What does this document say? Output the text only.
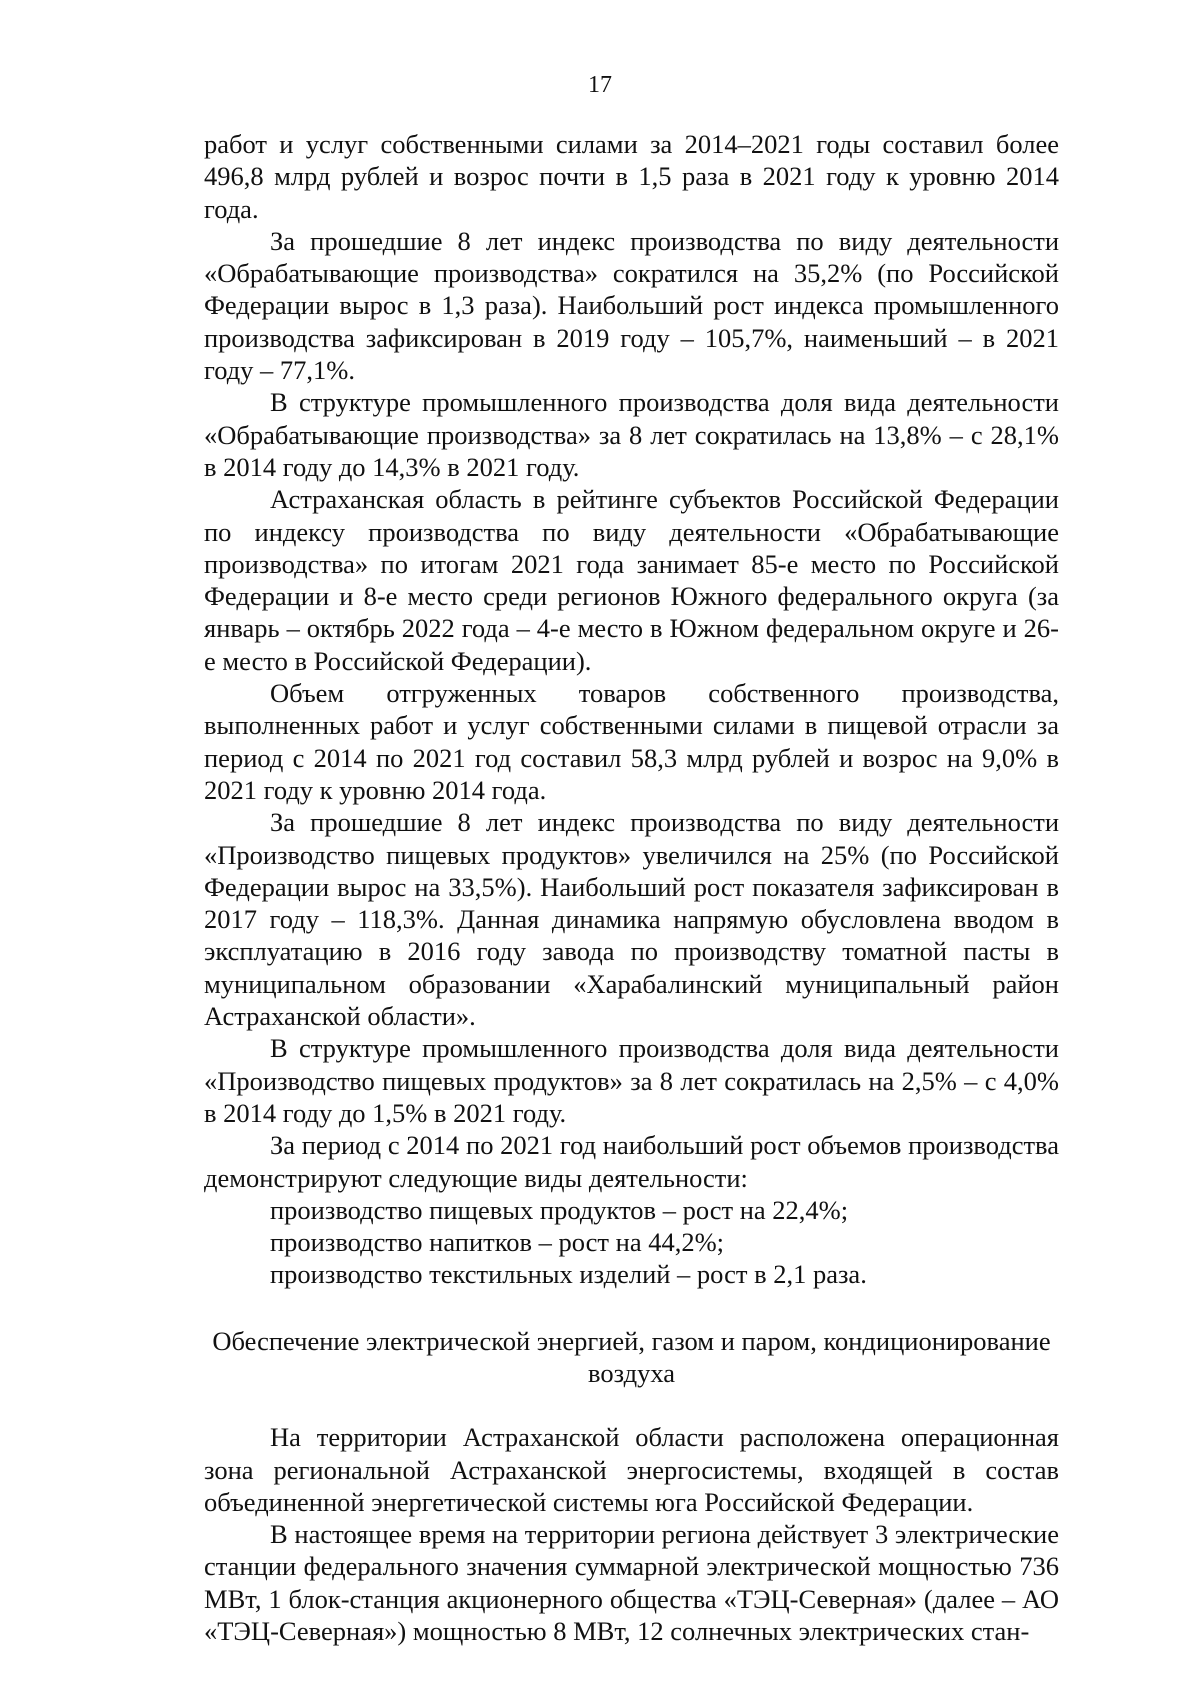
17

работ и услуг собственными силами за 2014–2021 годы составил более 496,8 млрд рублей и возрос почти в 1,5 раза в 2021 году к уровню 2014 года.

За прошедшие 8 лет индекс производства по виду деятельности «Обрабатывающие производства» сократился на 35,2% (по Российской Федерации вырос в 1,3 раза). Наибольший рост индекса промышленного производства зафиксирован в 2019 году – 105,7%, наименьший – в 2021 году – 77,1%.

В структуре промышленного производства доля вида деятельности «Обрабатывающие производства» за 8 лет сократилась на 13,8% – с 28,1% в 2014 году до 14,3% в 2021 году.

Астраханская область в рейтинге субъектов Российской Федерации по индексу производства по виду деятельности «Обрабатывающие производства» по итогам 2021 года занимает 85-е место по Российской Федерации и 8-е место среди регионов Южного федерального округа (за январь – октябрь 2022 года – 4-е место в Южном федеральном округе и 26-е место в Российской Федерации).

Объем отгруженных товаров собственного производства, выполненных работ и услуг собственными силами в пищевой отрасли за период с 2014 по 2021 год составил 58,3 млрд рублей и возрос на 9,0% в 2021 году к уровню 2014 года.

За прошедшие 8 лет индекс производства по виду деятельности «Производство пищевых продуктов» увеличился на 25% (по Российской Федерации вырос на 33,5%). Наибольший рост показателя зафиксирован в 2017 году – 118,3%. Данная динамика напрямую обусловлена вводом в эксплуатацию в 2016 году завода по производству томатной пасты в муниципальном образовании «Харабалинский муниципальный район Астраханской области».

В структуре промышленного производства доля вида деятельности «Производство пищевых продуктов» за 8 лет сократилась на 2,5% – с 4,0% в 2014 году до 1,5% в 2021 году.

За период с 2014 по 2021 год наибольший рост объемов производства демонстрируют следующие виды деятельности:

производство пищевых продуктов – рост на 22,4%;

производство напитков – рост на 44,2%;

производство текстильных изделий – рост в 2,1 раза.

Обеспечение электрической энергией, газом и паром, кондиционирование воздуха

На территории Астраханской области расположена операционная зона региональной Астраханской энергосистемы, входящей в состав объединенной энергетической системы юга Российской Федерации.

В настоящее время на территории региона действует 3 электрические станции федерального значения суммарной электрической мощностью 736 МВт, 1 блок-станция акционерного общества «ТЭЦ-Северная» (далее – АО «ТЭЦ-Северная») мощностью 8 МВт, 12 солнечных электрических стан-
